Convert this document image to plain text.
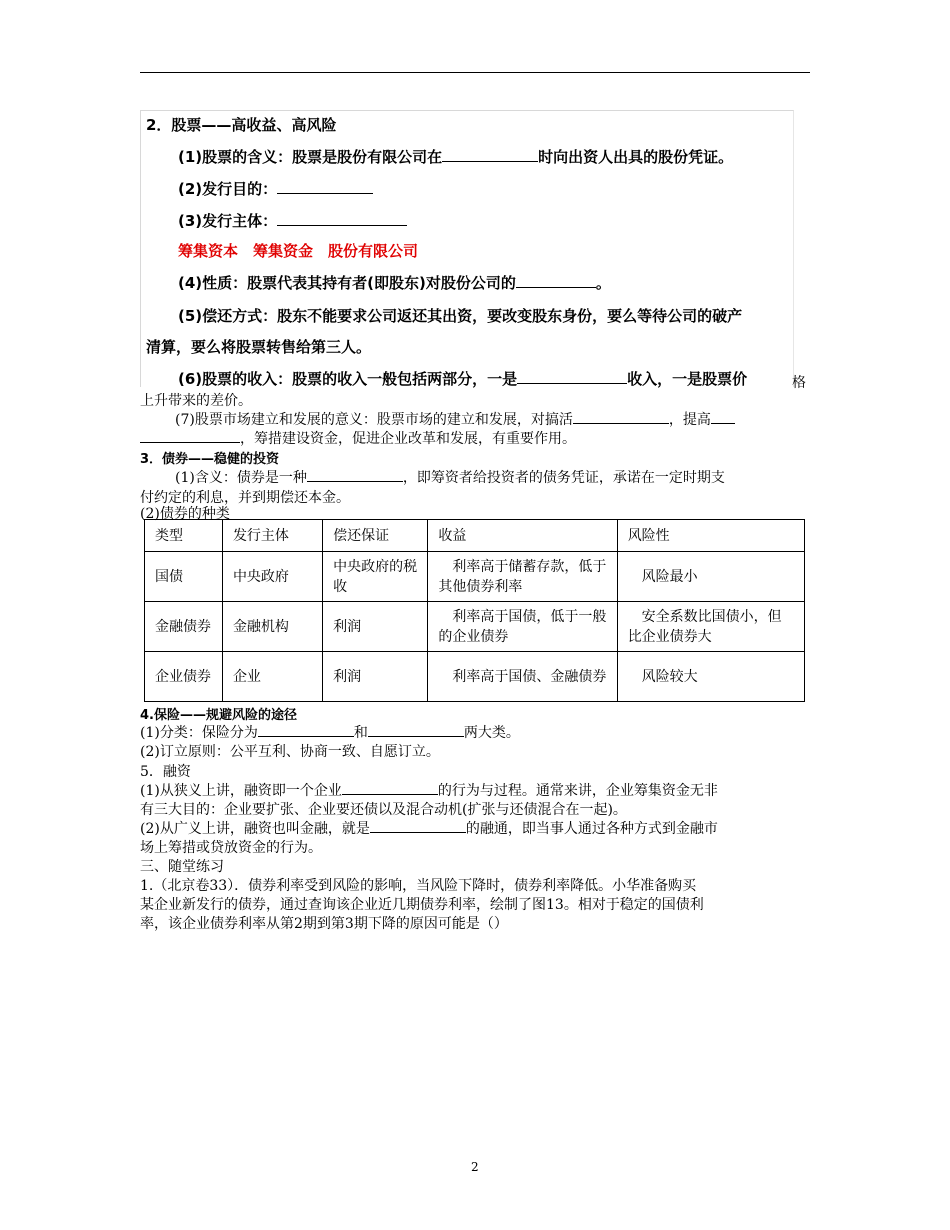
2．股票——高收益、高风险
(1)股票的含义：股票是股份有限公司在	时向出资人出具的股份凭证。
(2)发行目的：
(3)发行主体：
筹集资本　筹集资金　股份有限公司
(4)性质：股票代表其持有者(即股东)对股份公司的	。
(5)偿还方式：股东不能要求公司返还其出资，要改变股东身份，要么等待公司的破产
清算，要么将股票转售给第三人。
(6)股票的收入：股票的收入一般包括两部分，一是	收入，一是股票价	格
上升带来的差价。
(7)股票市场建立和发展的意义：股票市场的建立和发展，对搞活	，提高
，筹措建设资金，促进企业改革和发展，有重要作用。
3．债券——稳健的投资
(1)含义：债券是一种	，即筹资者给投资者的债务凭证，承诺在一定时期支
付约定的利息，并到期偿还本金。
(2)债券的种类
类型	发行主体	偿还保证	收益	风险性
国债	中央政府	中央政府的税收	　利率高于储蓄存款，低于其他债券利率	　风险最小
金融债券	金融机构	利润	　利率高于国债，低于一般的企业债券	　安全系数比国债小，但比企业债券大
企业债券	企业	利润	　利率高于国债、金融债券	　风险较大
4.保险——规避风险的途径
(1)分类：保险分为	和	两大类。
(2)订立原则：公平互利、协商一致、自愿订立。
5．融资
(1)从狭义上讲，融资即一个企业	的行为与过程。通常来讲，企业筹集资金无非
有三大目的：企业要扩张、企业要还债以及混合动机(扩张与还债混合在一起)。
(2)从广义上讲，融资也叫金融，就是	的融通，即当事人通过各种方式到金融市
场上筹措或贷放资金的行为。
三、随堂练习
1.（北京卷33）．债券利率受到风险的影响，当风险下降时，债券利率降低。小华准备购买
某企业新发行的债券，通过查询该企业近几期债券利率，绘制了图13。相对于稳定的国债利
率，该企业债券利率从第2期到第3期下降的原因可能是（）
2
